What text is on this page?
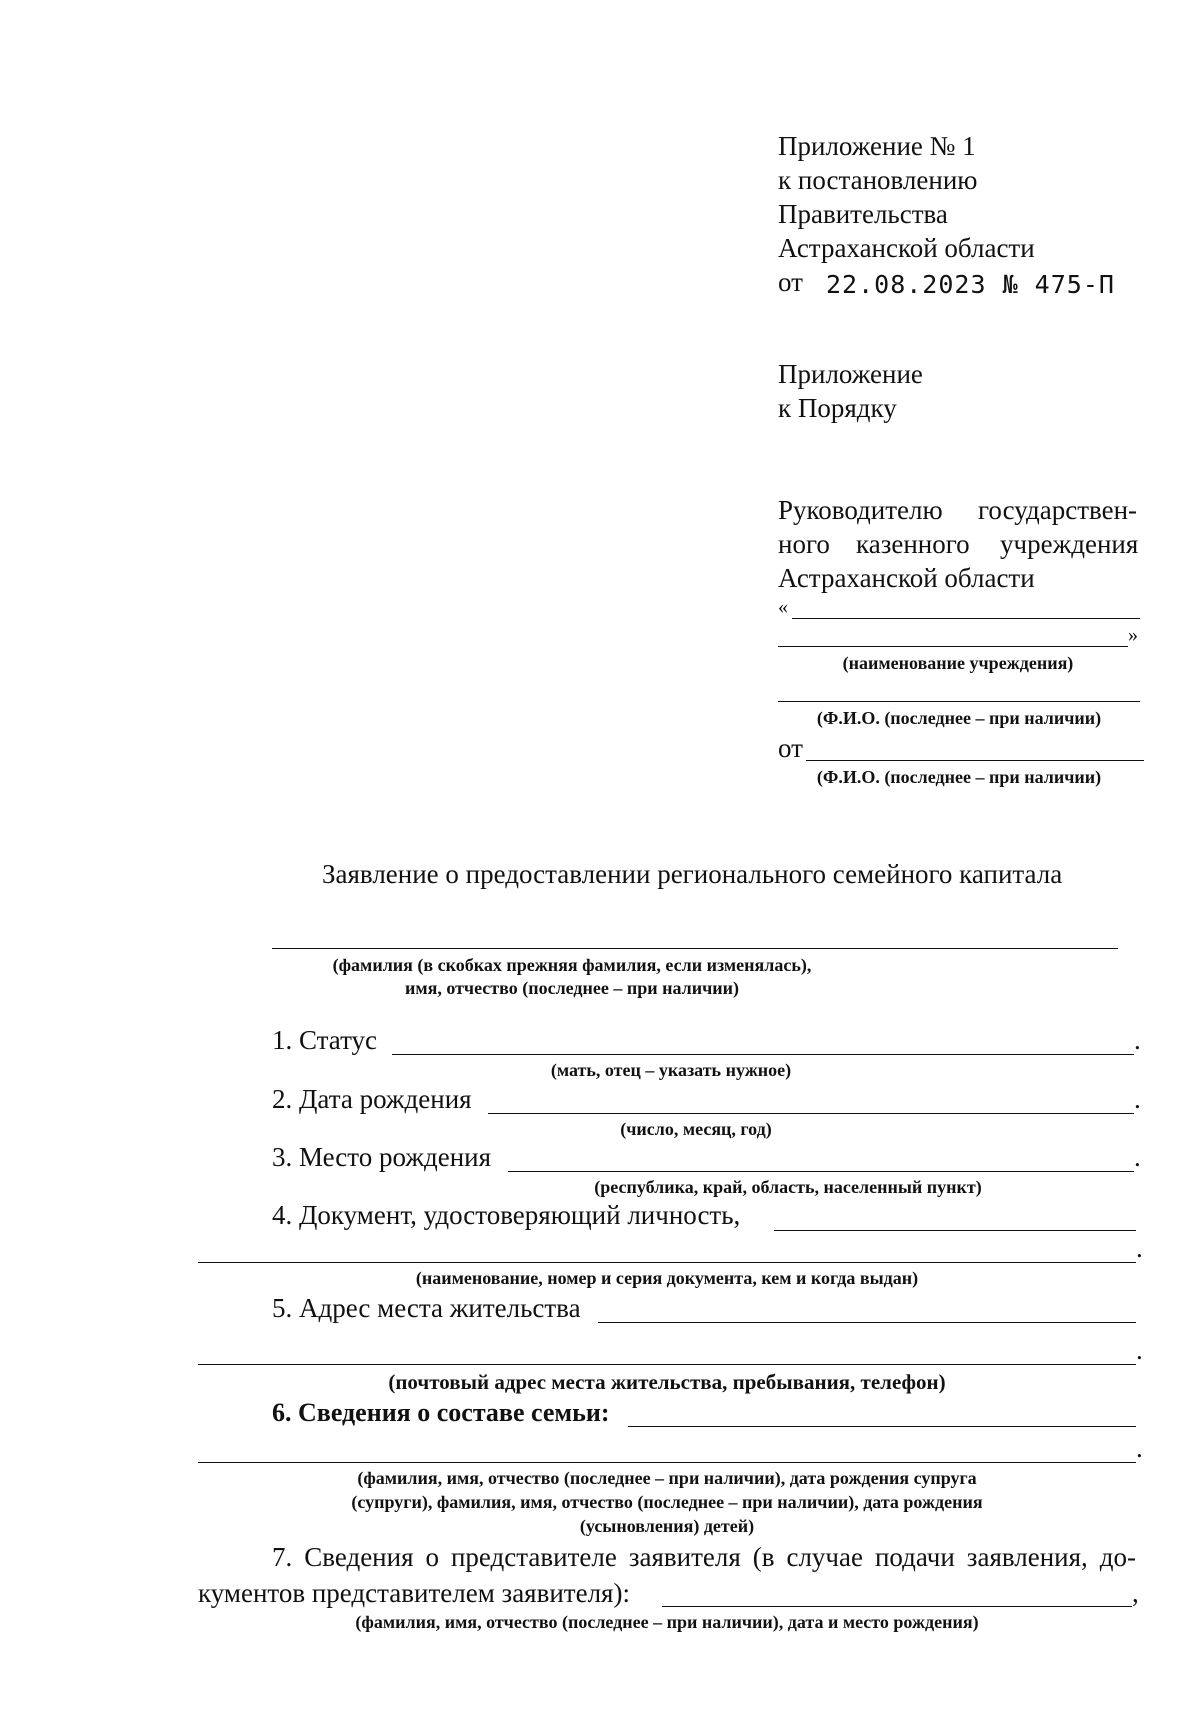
Приложение № 1
к постановлению
Правительства
Астраханской области
от 22.08.2023 № 475-П
Приложение
к Порядку
Руководителю государствен-
ного казенного учреждения
Астраханской области
«
»
(наименование учреждения)
(Ф.И.О. (последнее – при наличии)
от
(Ф.И.О. (последнее – при наличии)
Заявление о предоставлении регионального семейного капитала
(фамилия (в скобках прежняя фамилия, если изменялась),
имя, отчество (последнее – при наличии)
1. Статус	.
(мать, отец – указать нужное)
2. Дата рождения	.
(число, месяц, год)
3. Место рождения	.
(республика, край, область, населенный пункт)
4. Документ, удостоверяющий личность,
.
(наименование, номер и серия документа, кем и когда выдан)
5. Адрес места жительства
.
(почтовый адрес места жительства, пребывания, телефон)
6. Сведения о составе семьи:
.
(фамилия, имя, отчество (последнее – при наличии), дата рождения супруга
(супруги), фамилия, имя, отчество (последнее – при наличии), дата рождения
(усыновления) детей)
7. Сведения о представителе заявителя (в случае подачи заявления, до-
кументов представителем заявителя):	,
(фамилия, имя, отчество (последнее – при наличии), дата и место рождения)
